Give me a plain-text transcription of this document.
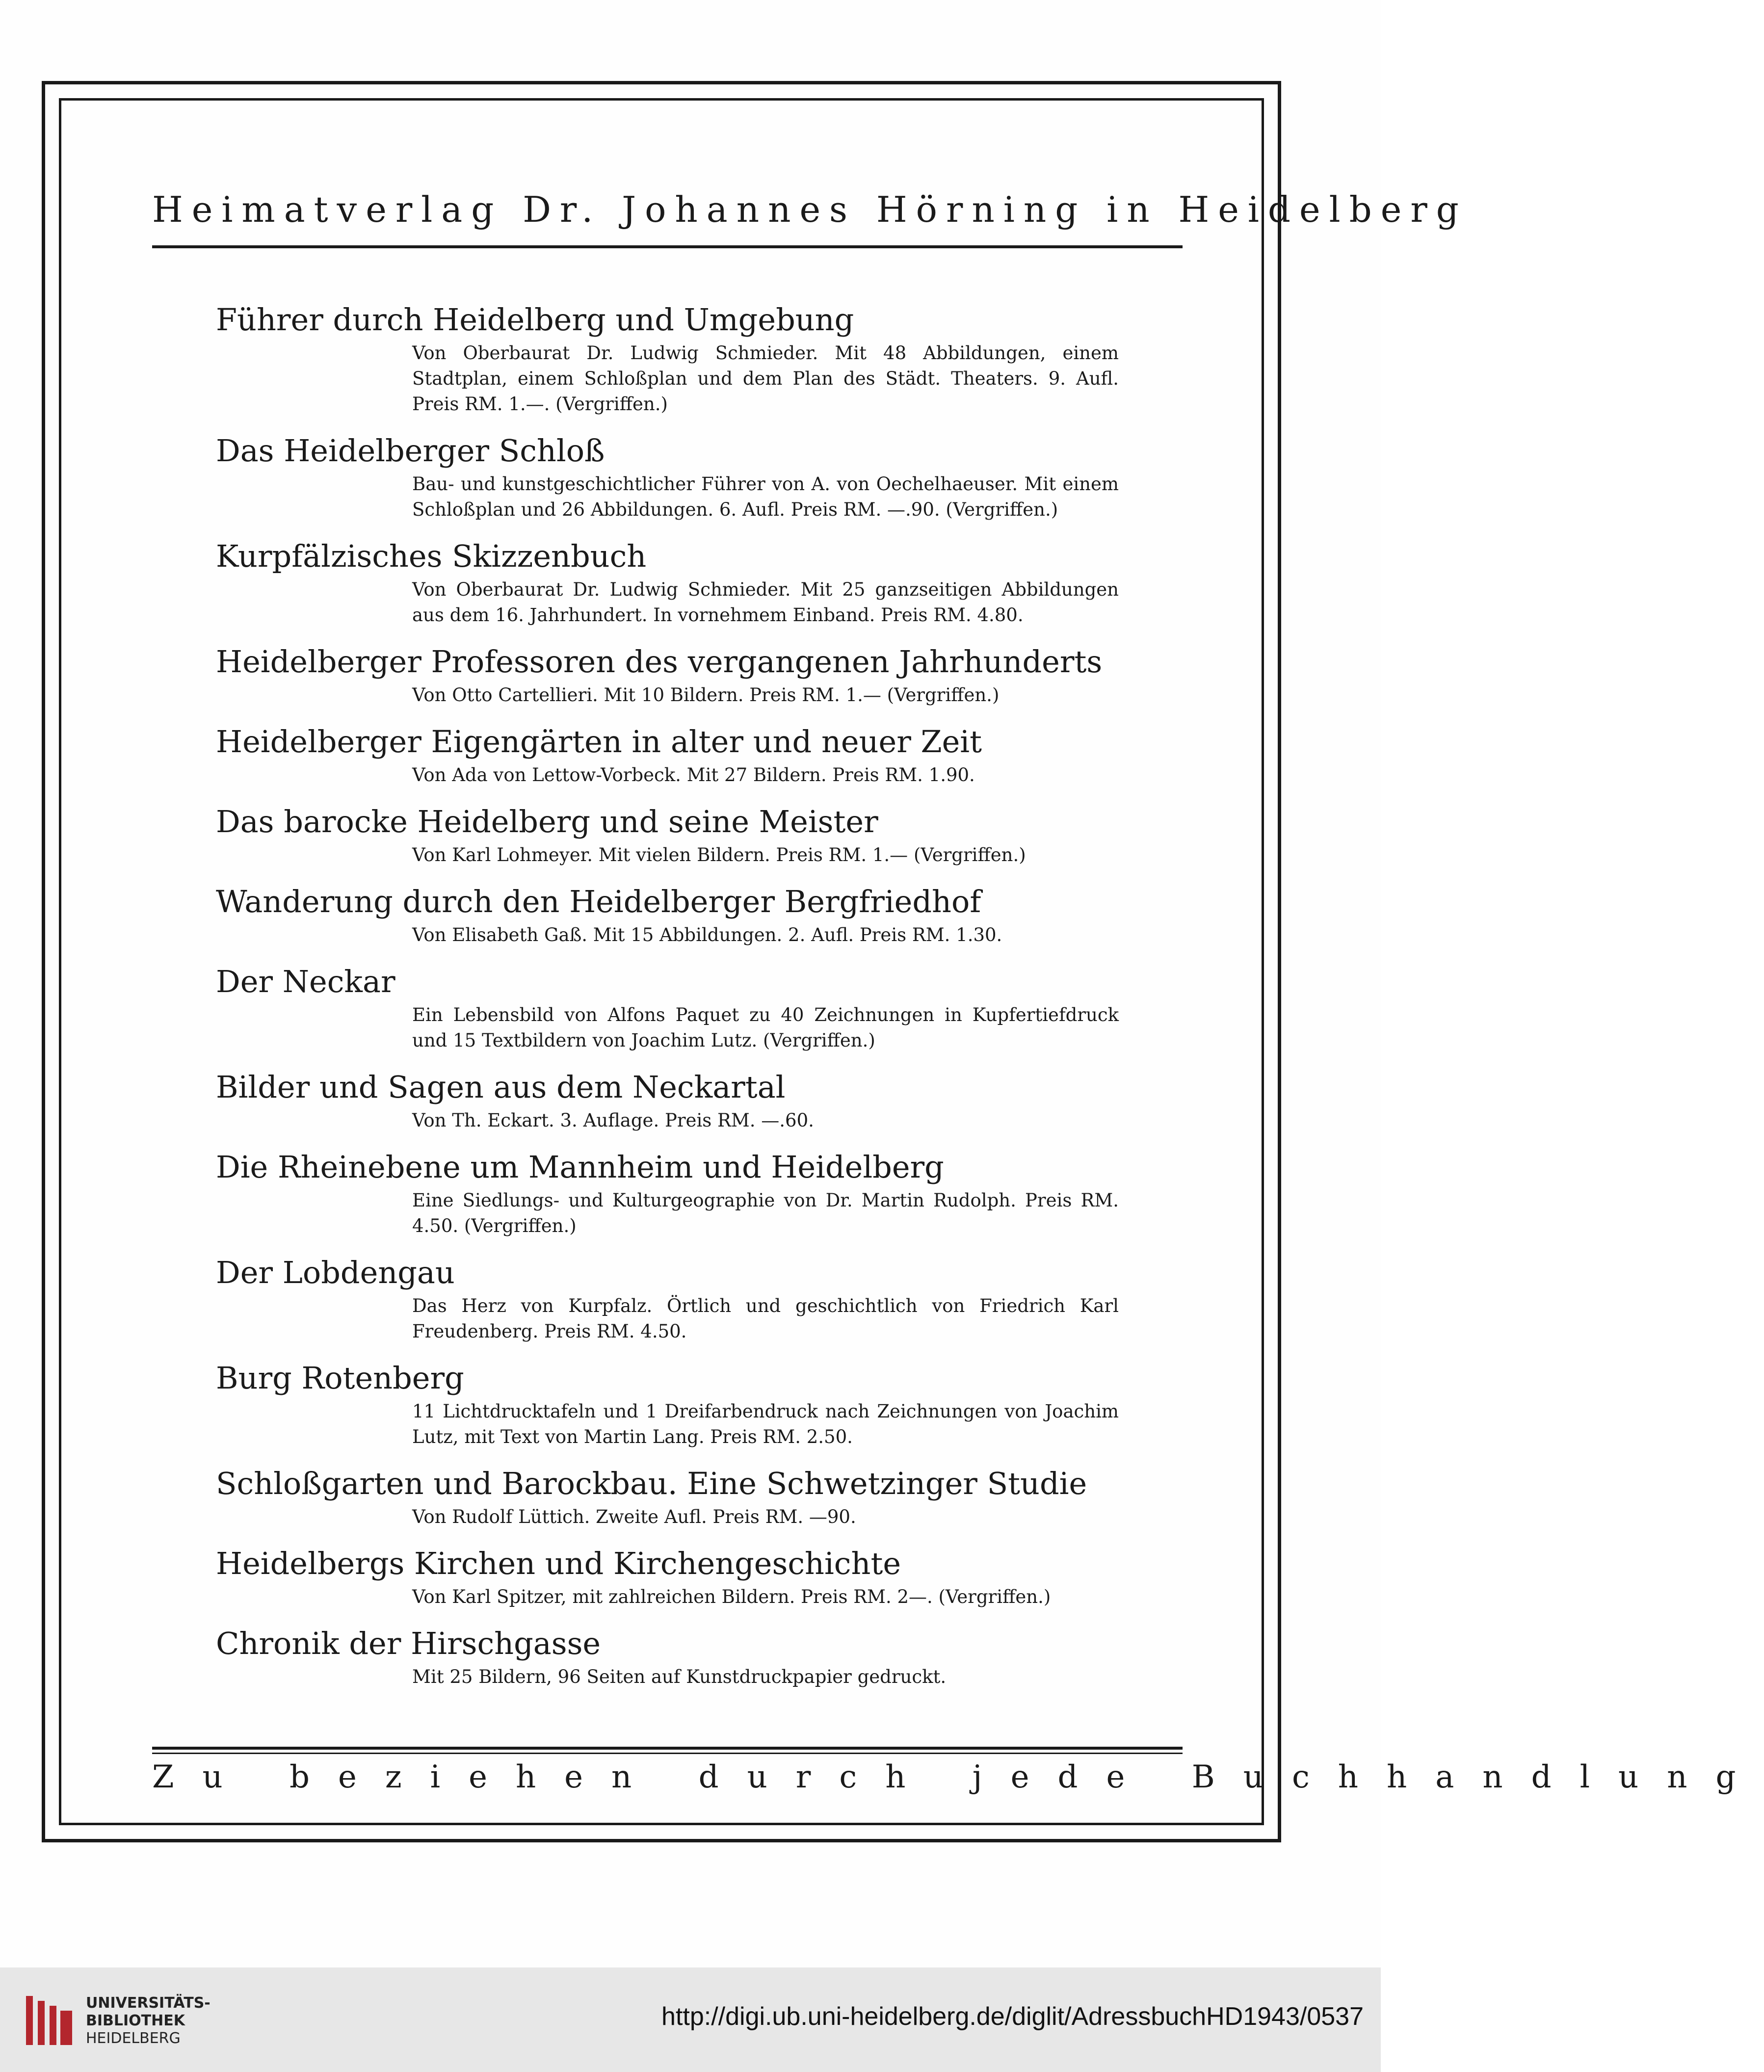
Heimatverlag Dr. Johannes Hörning in Heidelberg
Führer durch Heidelberg und Umgebung
Von Oberbaurat Dr. Ludwig Schmieder. Mit 48 Abbildungen, einem Stadtplan, einem Schloßplan und dem Plan des Städt. Theaters. 9. Aufl. Preis RM. 1.—. (Vergriffen.)
Das Heidelberger Schloß
Bau- und kunstgeschichtlicher Führer von A. von Oechelhaeuser. Mit einem Schloßplan und 26 Abbildungen. 6. Aufl. Preis RM. —.90. (Vergriffen.)
Kurpfälzisches Skizzenbuch
Von Oberbaurat Dr. Ludwig Schmieder. Mit 25 ganzseitigen Abbildungen aus dem 16. Jahrhundert. In vornehmem Einband. Preis RM. 4.80.
Heidelberger Professoren des vergangenen Jahrhunderts
Von Otto Cartellieri. Mit 10 Bildern. Preis RM. 1.— (Vergriffen.)
Heidelberger Eigengärten in alter und neuer Zeit
Von Ada von Lettow-Vorbeck. Mit 27 Bildern. Preis RM. 1.90.
Das barocke Heidelberg und seine Meister
Von Karl Lohmeyer. Mit vielen Bildern. Preis RM. 1.— (Vergriffen.)
Wanderung durch den Heidelberger Bergfriedhof
Von Elisabeth Gaß. Mit 15 Abbildungen. 2. Aufl. Preis RM. 1.30.
Der Neckar
Ein Lebensbild von Alfons Paquet zu 40 Zeichnungen in Kupfertiefdruck und 15 Textbildern von Joachim Lutz. (Vergriffen.)
Bilder und Sagen aus dem Neckartal
Von Th. Eckart. 3. Auflage. Preis RM. —.60.
Die Rheinebene um Mannheim und Heidelberg
Eine Siedlungs- und Kulturgeographie von Dr. Martin Rudolph. Preis RM. 4.50. (Vergriffen.)
Der Lobdengau
Das Herz von Kurpfalz. Örtlich und geschichtlich von Friedrich Karl Freudenberg. Preis RM. 4.50.
Burg Rotenberg
11 Lichtdrucktafeln und 1 Dreifarbendruck nach Zeichnungen von Joachim Lutz, mit Text von Martin Lang. Preis RM. 2.50.
Schloßgarten und Barockbau. Eine Schwetzinger Studie
Von Rudolf Lüttich. Zweite Aufl. Preis RM. —90.
Heidelbergs Kirchen und Kirchengeschichte
Von Karl Spitzer, mit zahlreichen Bildern. Preis RM. 2—. (Vergriffen.)
Chronik der Hirschgasse
Mit 25 Bildern, 96 Seiten auf Kunstdruckpapier gedruckt.
Zu beziehen durch jede Buchhandlung
UNIVERSITÄTS-
BIBLIOTHEK
HEIDELBERG
http://digi.ub.uni-heidelberg.de/diglit/AdressbuchHD1943/0537
